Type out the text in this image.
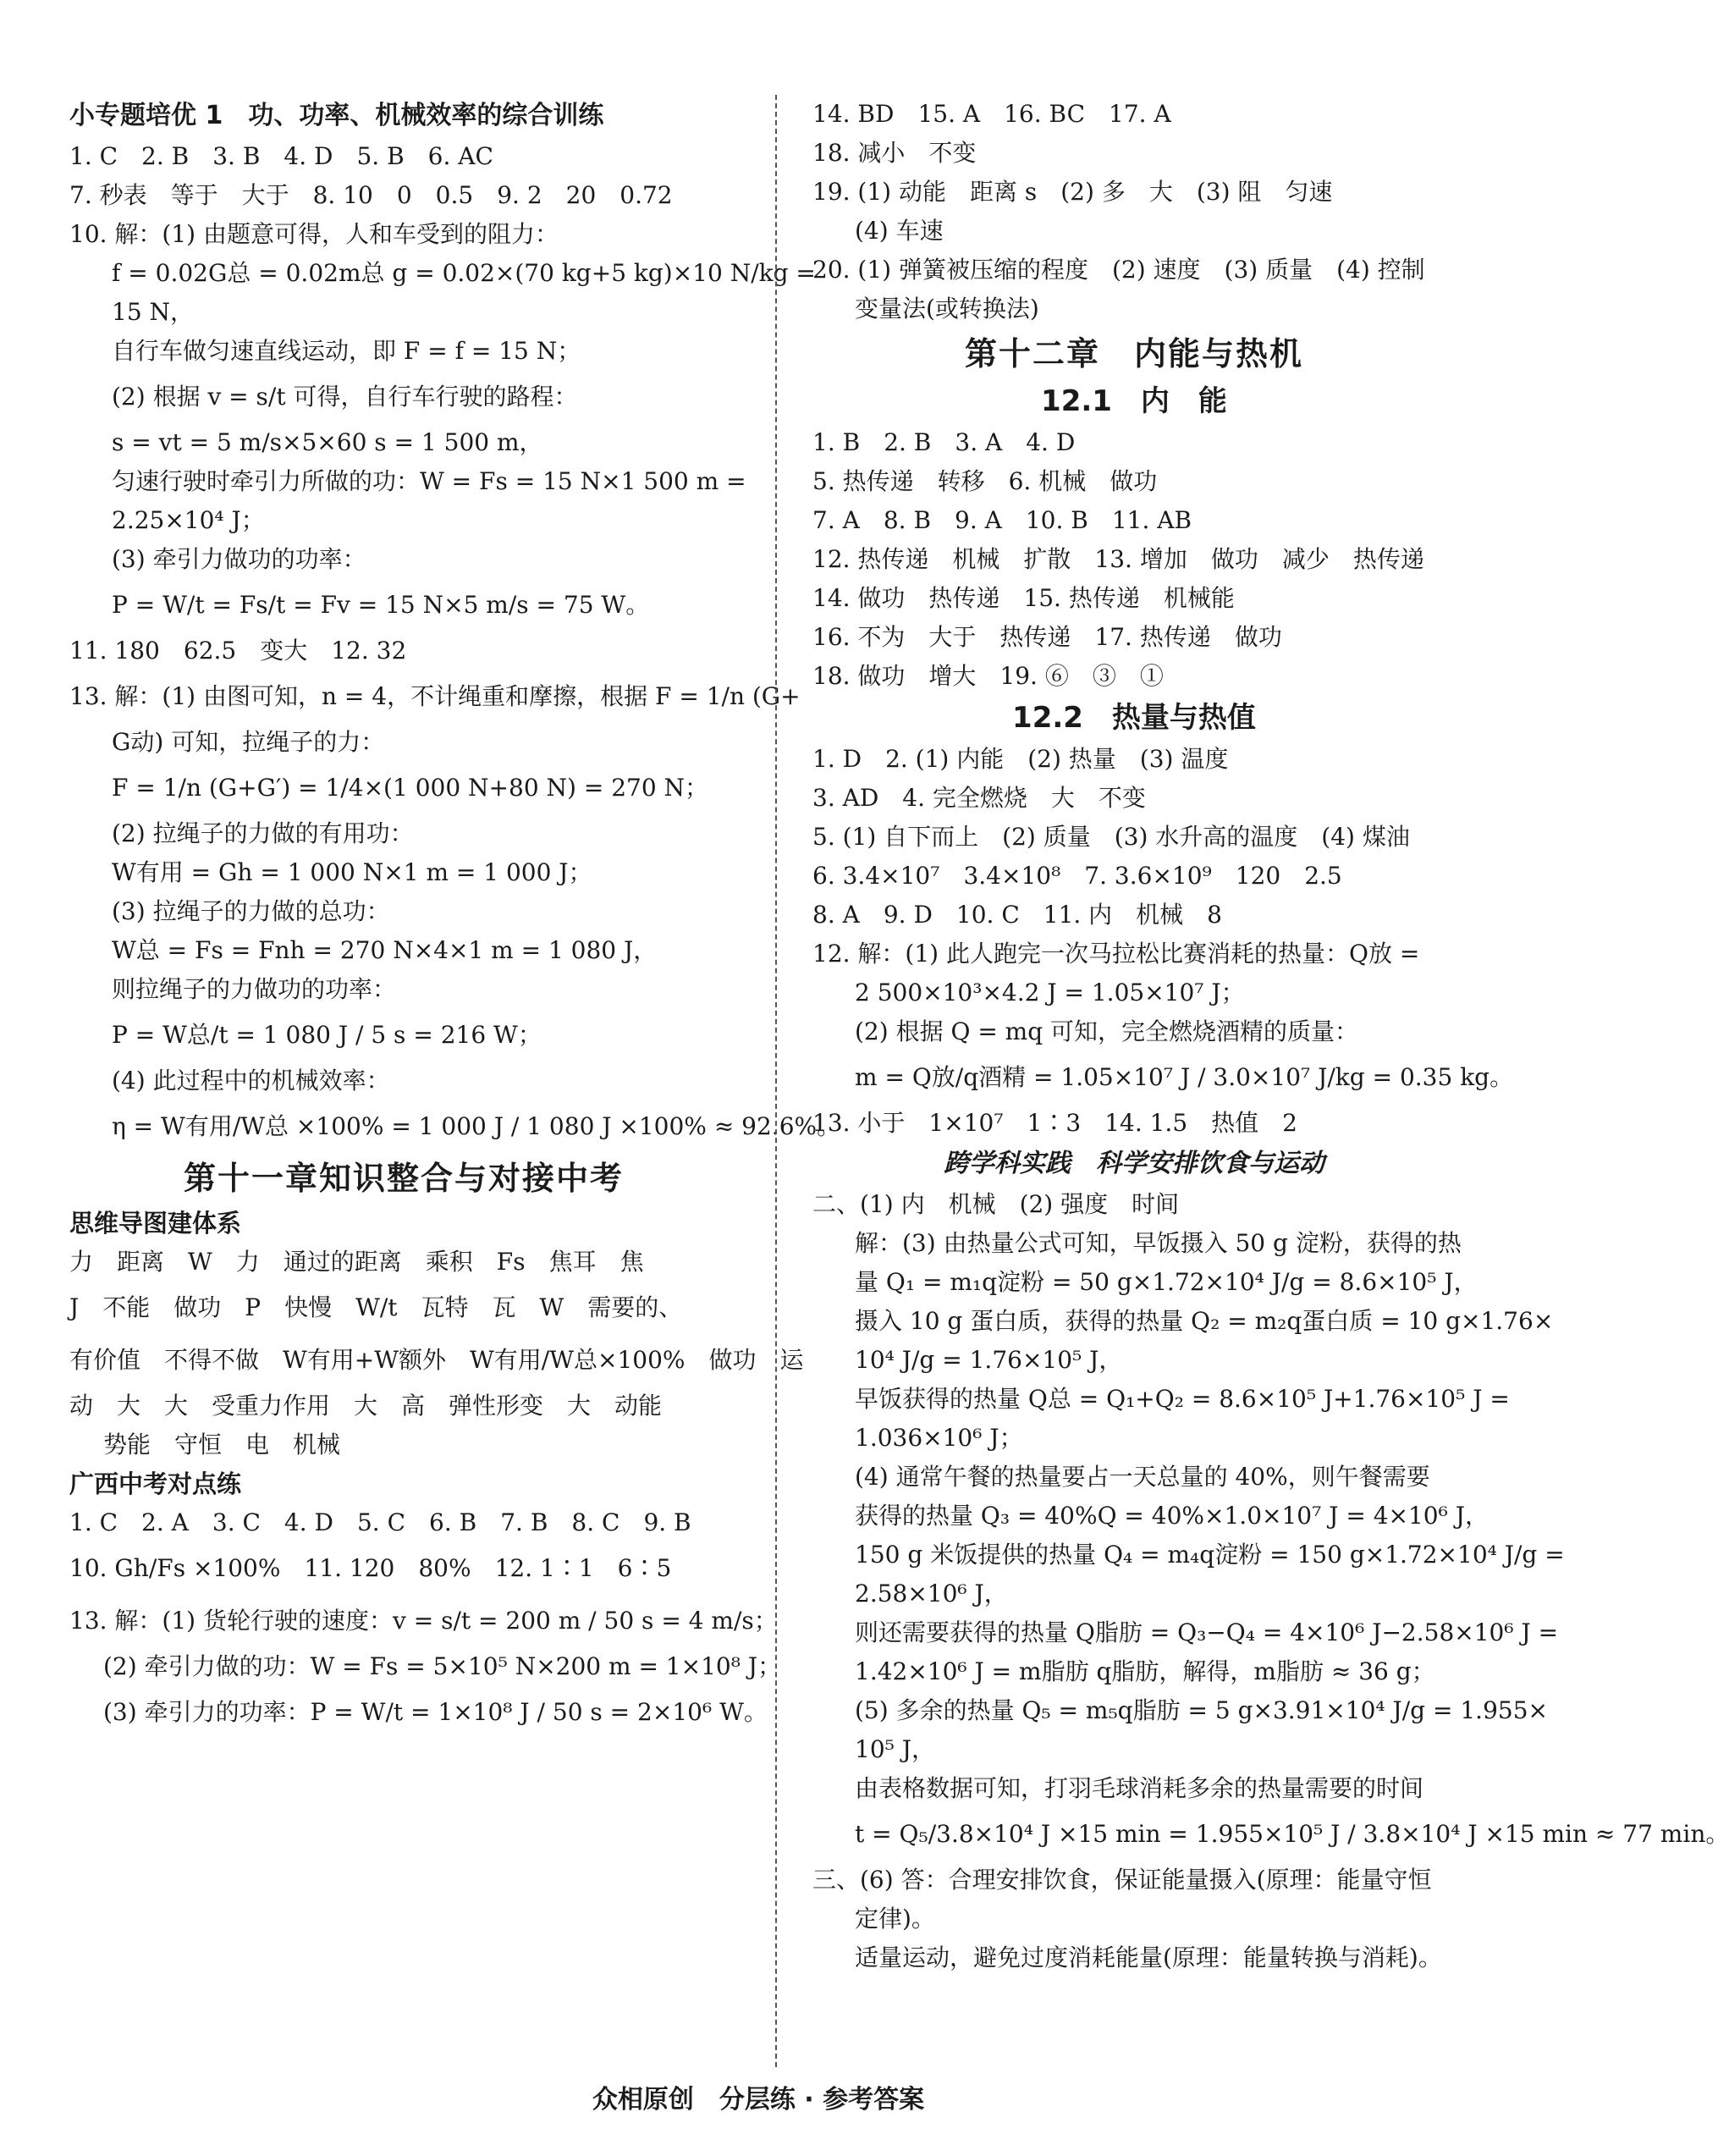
小专题培优 1　功、功率、机械效率的综合训练
1. C　2. B　3. B　4. D　5. B　6. AC
7. 秒表　等于　大于　8. 10　0　0.5　9. 2　20　0.72
10. 解：(1) 由题意可得，人和车受到的阻力：
f = 0.02G总 = 0.02m总 g = 0.02×(70 kg+5 kg)×10 N/kg =
15 N，
自行车做匀速直线运动，即 F = f = 15 N；
(2) 根据 v = s/t 可得，自行车行驶的路程：
s = vt = 5 m/s×5×60 s = 1 500 m，
匀速行驶时牵引力所做的功：W = Fs = 15 N×1 500 m =
2.25×10⁴ J；
(3) 牵引力做功的功率：
P = W/t = Fs/t = Fv = 15 N×5 m/s = 75 W。
11. 180　62.5　变大　12. 32
13. 解：(1) 由图可知，n = 4，不计绳重和摩擦，根据 F = 1/n (G+
G动) 可知，拉绳子的力：
F = 1/n (G+G′) = 1/4×(1 000 N+80 N) = 270 N；
(2) 拉绳子的力做的有用功：
W有用 = Gh = 1 000 N×1 m = 1 000 J；
(3) 拉绳子的力做的总功：
W总 = Fs = Fnh = 270 N×4×1 m = 1 080 J，
则拉绳子的力做功的功率：
P = W总/t = 1 080 J / 5 s = 216 W；
(4) 此过程中的机械效率：
η = W有用/W总 ×100% = 1 000 J / 1 080 J ×100% ≈ 92.6%。
第十一章知识整合与对接中考
思维导图建体系
力　距离　W　力　通过的距离　乘积　Fs　焦耳　焦
J　不能　做功　P　快慢　W/t　瓦特　瓦　W　需要的、
有价值　不得不做　W有用+W额外　W有用/W总×100%　做功　运
动　大　大　受重力作用　大　高　弹性形变　大　动能
势能　守恒　电　机械
广西中考对点练
1. C　2. A　3. C　4. D　5. C　6. B　7. B　8. C　9. B
10. Gh/Fs ×100%　11. 120　80%　12. 1∶1　6∶5
13. 解：(1) 货轮行驶的速度：v = s/t = 200 m / 50 s = 4 m/s；
(2) 牵引力做的功：W = Fs = 5×10⁵ N×200 m = 1×10⁸ J；
(3) 牵引力的功率：P = W/t = 1×10⁸ J / 50 s = 2×10⁶ W。
14. BD　15. A　16. BC　17. A
18. 减小　不变
19. (1) 动能　距离 s　(2) 多　大　(3) 阻　匀速
(4) 车速
20. (1) 弹簧被压缩的程度　(2) 速度　(3) 质量　(4) 控制
变量法(或转换法)
第十二章　内能与热机
12.1　内　能
1. B　2. B　3. A　4. D
5. 热传递　转移　6. 机械　做功
7. A　8. B　9. A　10. B　11. AB
12. 热传递　机械　扩散　13. 增加　做功　减少　热传递
14. 做功　热传递　15. 热传递　机械能
16. 不为　大于　热传递　17. 热传递　做功
18. 做功　增大　19. ⑥　③　①
12.2　热量与热值
1. D　2. (1) 内能　(2) 热量　(3) 温度
3. AD　4. 完全燃烧　大　不变
5. (1) 自下而上　(2) 质量　(3) 水升高的温度　(4) 煤油
6. 3.4×10⁷　3.4×10⁸　7. 3.6×10⁹　120　2.5
8. A　9. D　10. C　11. 内　机械　8
12. 解：(1) 此人跑完一次马拉松比赛消耗的热量：Q放 =
2 500×10³×4.2 J = 1.05×10⁷ J；
(2) 根据 Q = mq 可知，完全燃烧酒精的质量：
m = Q放/q酒精 = 1.05×10⁷ J / 3.0×10⁷ J/kg = 0.35 kg。
13. 小于　1×10⁷　1∶3　14. 1.5　热值　2
跨学科实践　科学安排饮食与运动
二、(1) 内　机械　(2) 强度　时间
解：(3) 由热量公式可知，早饭摄入 50 g 淀粉，获得的热
量 Q₁ = m₁q淀粉 = 50 g×1.72×10⁴ J/g = 8.6×10⁵ J，
摄入 10 g 蛋白质，获得的热量 Q₂ = m₂q蛋白质 = 10 g×1.76×
10⁴ J/g = 1.76×10⁵ J，
早饭获得的热量 Q总 = Q₁+Q₂ = 8.6×10⁵ J+1.76×10⁵ J =
1.036×10⁶ J；
(4) 通常午餐的热量要占一天总量的 40%，则午餐需要
获得的热量 Q₃ = 40%Q = 40%×1.0×10⁷ J = 4×10⁶ J，
150 g 米饭提供的热量 Q₄ = m₄q淀粉 = 150 g×1.72×10⁴ J/g =
2.58×10⁶ J，
则还需要获得的热量 Q脂肪 = Q₃−Q₄ = 4×10⁶ J−2.58×10⁶ J =
1.42×10⁶ J = m脂肪 q脂肪，解得，m脂肪 ≈ 36 g；
(5) 多余的热量 Q₅ = m₅q脂肪 = 5 g×3.91×10⁴ J/g = 1.955×
10⁵ J，
由表格数据可知，打羽毛球消耗多余的热量需要的时间
t = Q₅/3.8×10⁴ J ×15 min = 1.955×10⁵ J / 3.8×10⁴ J ×15 min ≈ 77 min。
三、(6) 答：合理安排饮食，保证能量摄入(原理：能量守恒
定律)。
适量运动，避免过度消耗能量(原理：能量转换与消耗)。
众相原创　分层练 · 参考答案
